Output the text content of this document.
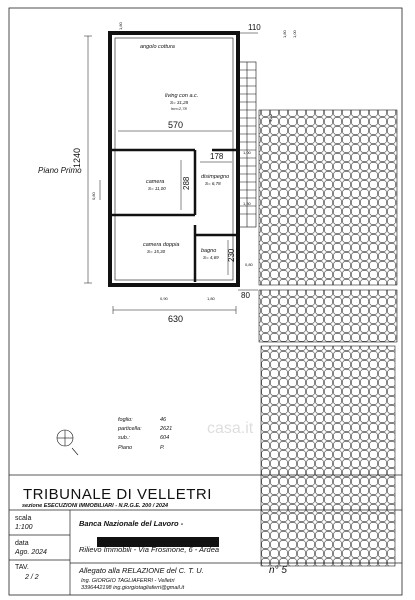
1240
570
630
178
288
230
110
80
Piano Primo
angolo cottura
living con a.c.
S= 31,28
hm=2,78
camera
S= 11,00
disimpegno
S= 6,78
camera doppia
S= 15,30	bagno
S= 4,69
1,80
1,40
0,80
1,00
1,30
0,80
0,90	1,80
1,80 1,00
foglio:	46
particella:	2621
sub.:	604
Piano	P.
casa.it
TRIBUNALE DI VELLETRI
sezione ESECUZIONI IMMOBILIARI - N.R.G.E. 200 / 2024
scala
1:100
data
Ago. 2024
TAV.
2 / 2
Banca Nazionale del Lavoro -
Rilievo Immobili - Via Frosinone, 6 - Ardea
Allegato alla RELAZIONE del C. T. U.	n° 5
Ing. GIORGIO TAGLIAFERRI - Velletri
3396442198 ing.giorgiotagliaferri@gmail.it
